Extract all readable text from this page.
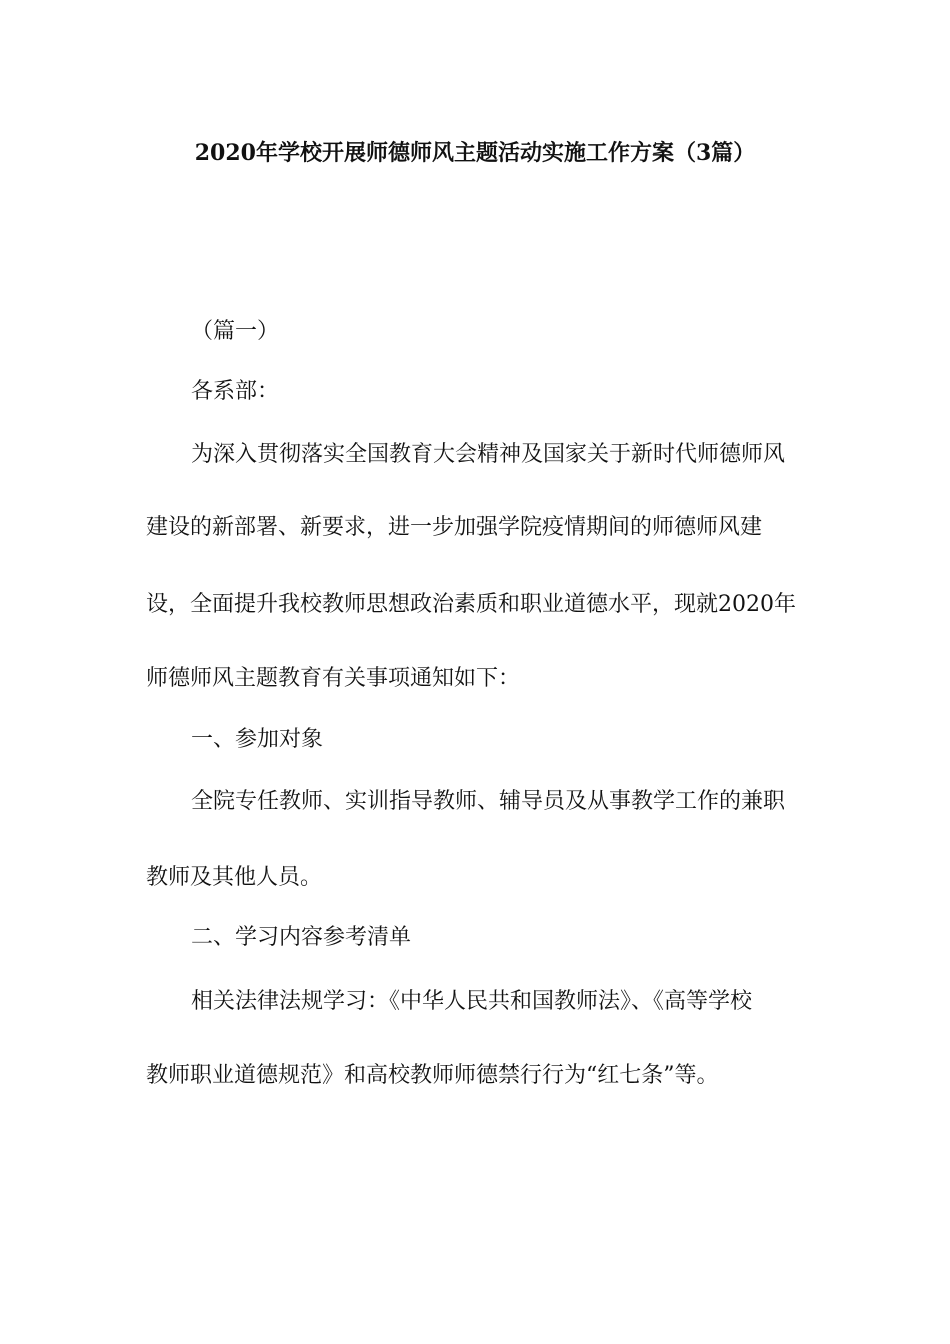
2020年学校开展师德师风主题活动实施工作方案（3篇）
（篇一）
各系部：
为深入贯彻落实全国教育大会精神及国家关于新时代师德师风
建设的新部署、新要求，进一步加强学院疫情期间的师德师风建
设，全面提升我校教师思想政治素质和职业道德水平，现就2020年
师德师风主题教育有关事项通知如下：
一、参加对象
全院专任教师、实训指导教师、辅导员及从事教学工作的兼职
教师及其他人员。
二、学习内容参考清单
相关法律法规学习：《中华人民共和国教师法》、《高等学校
教师职业道德规范》和高校教师师德禁行行为“红七条”等。
